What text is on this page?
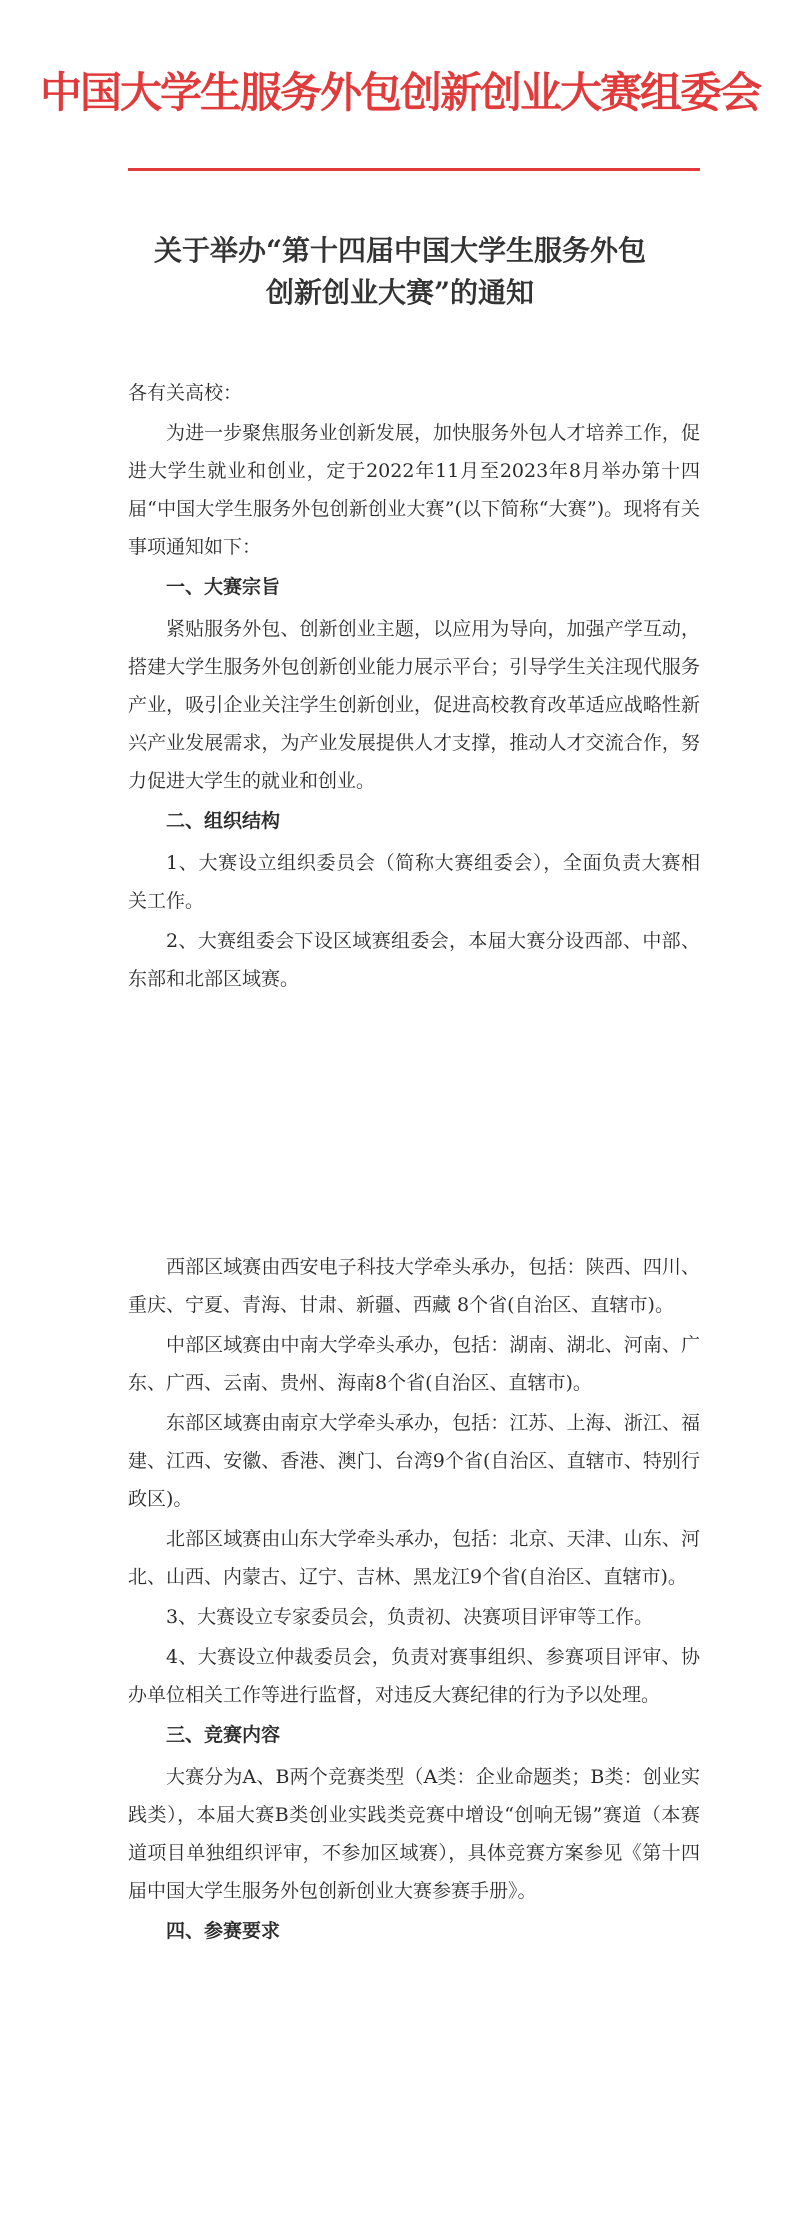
中国大学生服务外包创新创业大赛组委会
关于举办“第十四届中国大学生服务外包
创新创业大赛”的通知

各有关高校：

为进一步聚焦服务业创新发展，加快服务外包人才培养工作，促进大学生就业和创业，定于2022年11月至2023年8月举办第十四届“中国大学生服务外包创新创业大赛”(以下简称“大赛”)。现将有关事项通知如下：

一、大赛宗旨

紧贴服务外包、创新创业主题，以应用为导向，加强产学互动，搭建大学生服务外包创新创业能力展示平台；引导学生关注现代服务产业，吸引企业关注学生创新创业，促进高校教育改革适应战略性新兴产业发展需求，为产业发展提供人才支撑，推动人才交流合作，努力促进大学生的就业和创业。

二、组织结构

1、大赛设立组织委员会（简称大赛组委会），全面负责大赛相关工作。

2、大赛组委会下设区域赛组委会，本届大赛分设西部、中部、东部和北部区域赛。

西部区域赛由西安电子科技大学牵头承办，包括：陕西、四川、重庆、宁夏、青海、甘肃、新疆、西藏 8个省(自治区、直辖市)。

中部区域赛由中南大学牵头承办，包括：湖南、湖北、河南、广东、广西、云南、贵州、海南8个省(自治区、直辖市)。

东部区域赛由南京大学牵头承办，包括：江苏、上海、浙江、福建、江西、安徽、香港、澳门、台湾9个省(自治区、直辖市、特别行政区)。

北部区域赛由山东大学牵头承办，包括：北京、天津、山东、河北、山西、内蒙古、辽宁、吉林、黑龙江9个省(自治区、直辖市)。

3、大赛设立专家委员会，负责初、决赛项目评审等工作。

4、大赛设立仲裁委员会，负责对赛事组织、参赛项目评审、协办单位相关工作等进行监督，对违反大赛纪律的行为予以处理。

三、竞赛内容

大赛分为A、B两个竞赛类型（A类：企业命题类；B类：创业实践类），本届大赛B类创业实践类竞赛中增设“创响无锡”赛道（本赛道项目单独组织评审，不参加区域赛），具体竞赛方案参见《第十四届中国大学生服务外包创新创业大赛参赛手册》。

四、参赛要求
